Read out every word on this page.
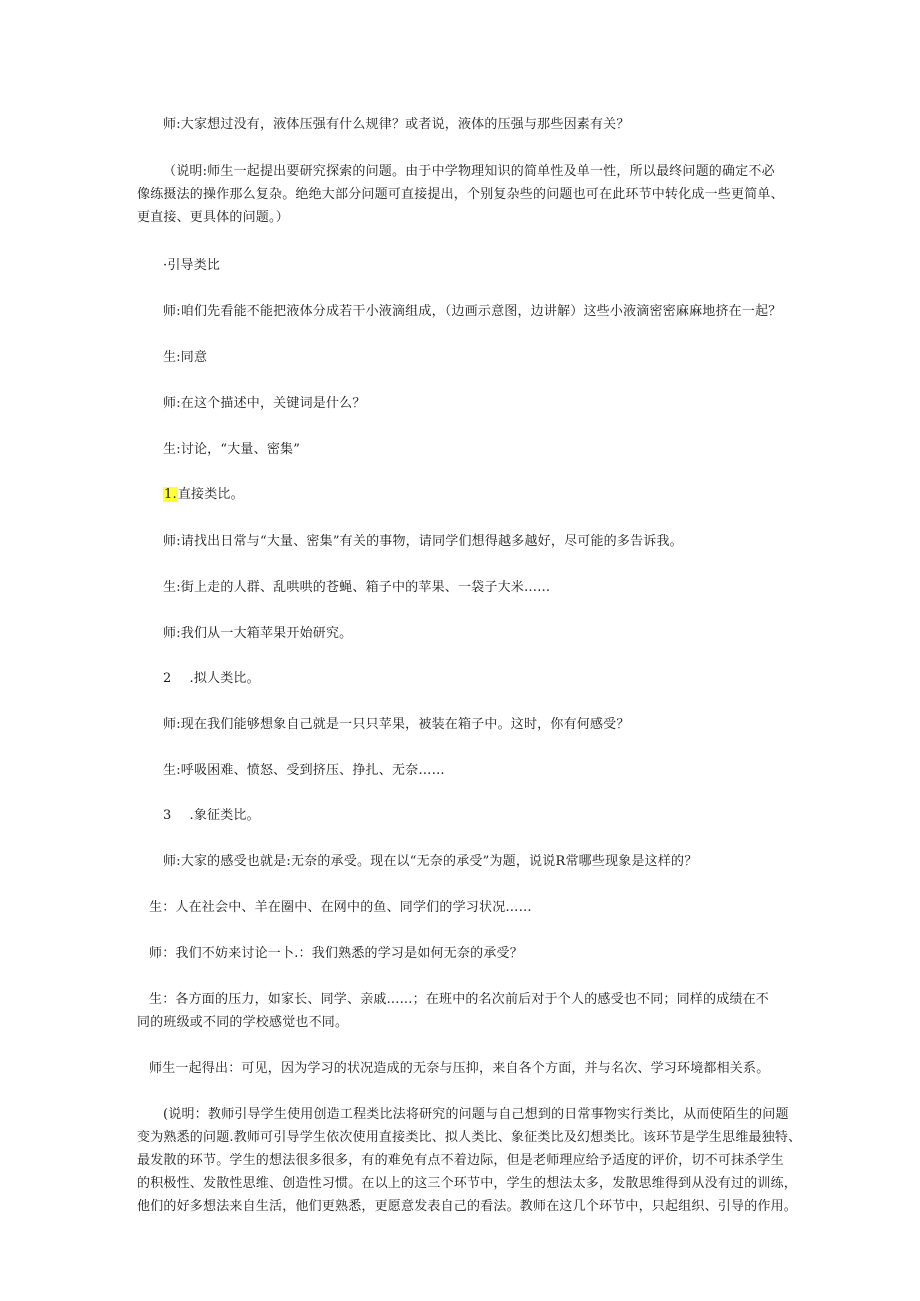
师:大家想过没有，液体压强有什么规律？或者说，液体的压强与那些因素有关？
（说明:师生一起提出要研究探索的问题。由于中学物理知识的简单性及单一性，所以最终问题的确定不必
像练摄法的操作那么复杂。绝绝大部分问题可直接提出，个别复杂些的问题也可在此环节中转化成一些更简单、
更直接、更具体的问题。）
·引导类比
师:咱们先看能不能把液体分成若干小液滴组成，（边画示意图，边讲解）这些小液滴密密麻麻地挤在一起？
生:同意
师:在这个描述中，关键词是什么？
生:讨论，“大量、密集”
1.直接类比。
师:请找出日常与“大量、密集”有关的事物，请同学们想得越多越好，尽可能的多告诉我。
生:街上走的人群、乱哄哄的苍蝇、箱子中的苹果、一袋子大米……
师:我们从一大箱苹果开始研究。
2 .拟人类比。
师:现在我们能够想象自己就是一只只苹果，被装在箱子中。这时，你有何感受？
生:呼吸困难、愤怒、受到挤压、挣扎、无奈……
3 .象征类比。
师:大家的感受也就是:无奈的承受。现在以“无奈的承受”为题，说说R常哪些现象是这样的？
生：人在社会中、羊在圈中、在网中的鱼、同学们的学习状况……
师：我们不妨来讨论一卜.：我们熟悉的学习是如何无奈的承受？
生：各方面的压力，如家长、同学、亲戚......；在班中的名次前后对于个人的感受也不同；同样的成绩在不
同的班级或不同的学校感觉也不同。
师生一起得出：可见，因为学习的状况造成的无奈与压抑，来自各个方面，并与名次、学习环境都相关系。
(说明：教师引导学生使用创造工程类比法将研究的问题与自己想到的日常事物实行类比，从而使陌生的问题
变为熟悉的问题.教师可引导学生依次使用直接类比、拟人类比、象征类比及幻想类比。该环节是学生思维最独特、
最发散的环节。学生的想法很多很多，有的难免有点不着边际，但是老师理应给予适度的评价，切不可抹杀学生
的积极性、发散性思维、创造性习惯。在以上的这三个环节中，学生的想法太多，发散思维得到从没有过的训练，
他们的好多想法来自生活，他们更熟悉，更愿意发表自己的看法。教师在这几个环节中，只起组织、引导的作用。
